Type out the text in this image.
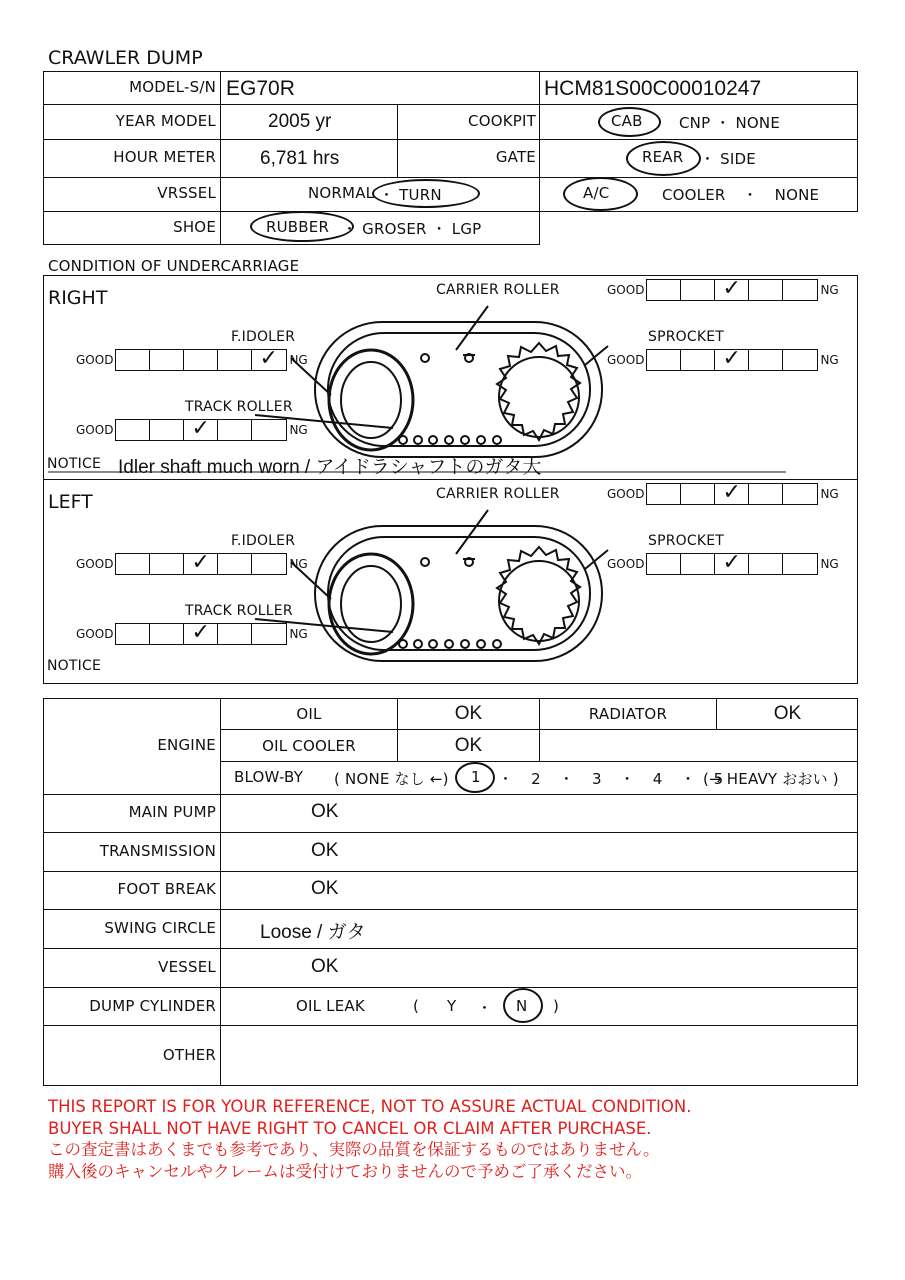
CRAWLER DUMP
MODEL-S/N EG70R	HCM81S00C00010247
YEAR MODEL	2005 yr	COOKPIT	CAB CNP ・ NONE
HOUR METER 6,781 hrs	GATE	REAR ・ SIDE
VRSSEL	NORMAL ・ TURN	A/C	COOLER ・ NONE
SHOE	RUBBER ・ GROSER ・ LGP
CONDITION OF UNDERCARRIAGE
RIGHT
LEFT
GOOD	✓	NG
GOOD	✓ NG	GOOD	✓	NG
GOOD	✓	NG
GOOD	✓	NG
GOOD	✓	NG	GOOD	✓	NG
GOOD	✓	NG
CARRIER ROLLER
F.IDOLER	SPROCKET
TRACK ROLLER
NOTICE Idler shaft much worn / アイドラシャフトのガタ大
CARRIER ROLLER
F.IDOLER	SPROCKET
TRACK ROLLER
NOTICE
ENGINE
OIL	OK	RADIATOR	OK
OIL COOLER	OK
BLOW-BY ( NONE なし ←) 1 ・  2  ・  3  ・  4  ・  5
(→ HEAVY おおい )
MAIN PUMP	OK
TRANSMISSION	OK
FOOT BREAK	OK
SWING CIRCLE Loose / ガタ
VESSEL	OK
DUMP CYLINDER	OIL LEAK	( Y ・ N )
OTHER
THIS REPORT IS FOR YOUR REFERENCE, NOT TO ASSURE ACTUAL CONDITION.
BUYER SHALL NOT HAVE RIGHT TO CANCEL OR CLAIM AFTER PURCHASE.
この査定書はあくまでも参考であり、実際の品質を保証するものではありません。
購入後のキャンセルやクレームは受付けておりませんので予めご了承ください。
